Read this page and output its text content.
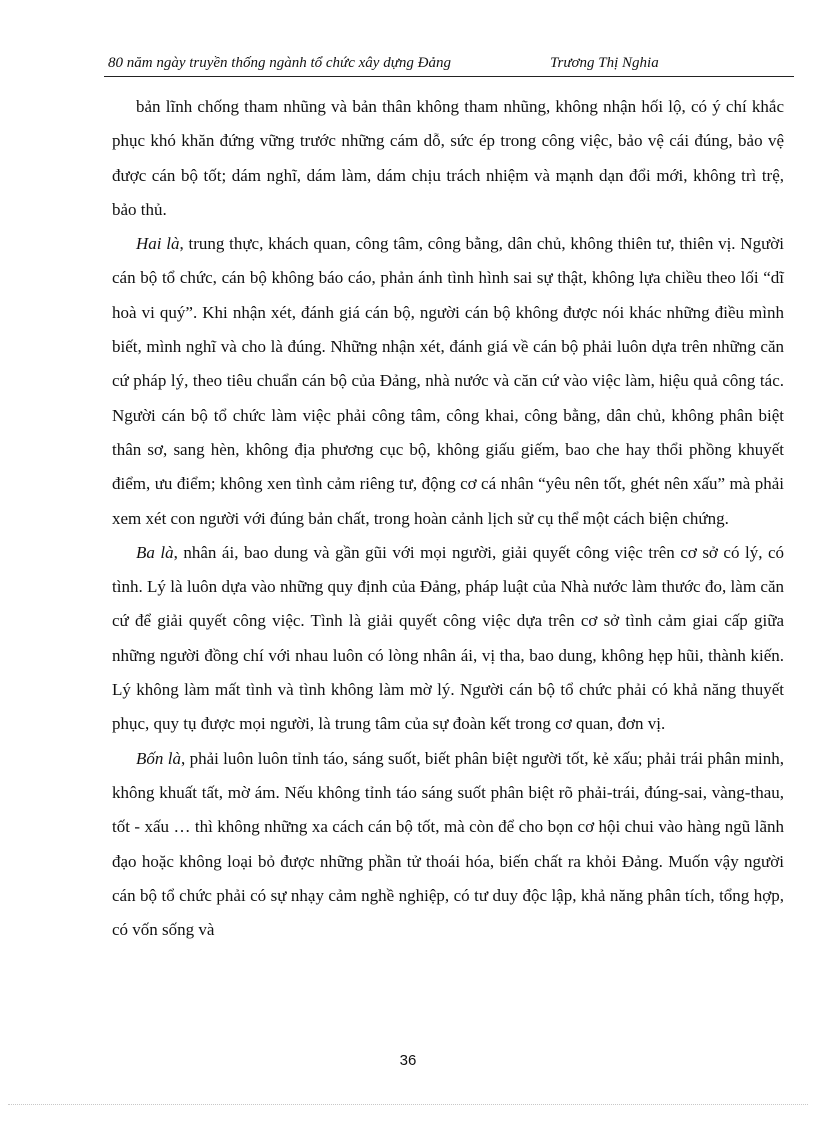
80 năm ngày truyền thống ngành tổ chức xây dựng Đảng	Trương Thị Nghia

bản lĩnh chống tham nhũng và bản thân không tham nhũng, không nhận hối lộ, có ý chí khắc phục khó khăn đứng vững trước những cám dỗ, sức ép trong công việc, bảo vệ cái đúng, bảo vệ được cán bộ tốt; dám nghĩ, dám làm, dám chịu trách nhiệm và mạnh dạn đổi mới, không trì trệ, bảo thủ.

Hai là, trung thực, khách quan, công tâm, công bằng, dân chủ, không thiên tư, thiên vị. Người cán bộ tổ chức, cán bộ không báo cáo, phản ánh tình hình sai sự thật, không lựa chiều theo lối “dĩ hoà vi quý”. Khi nhận xét, đánh giá cán bộ, người cán bộ không được nói khác những điều mình biết, mình nghĩ và cho là đúng. Những nhận xét, đánh giá về cán bộ phải luôn dựa trên những căn cứ pháp lý, theo tiêu chuẩn cán bộ của Đảng, nhà nước và căn cứ vào việc làm, hiệu quả công tác. Người cán bộ tổ chức làm việc phải công tâm, công khai, công bằng, dân chủ, không phân biệt thân sơ, sang hèn, không địa phương cục bộ, không giấu giếm, bao che hay thổi phồng khuyết điểm, ưu điểm; không xen tình cảm riêng tư, động cơ cá nhân “yêu nên tốt, ghét nên xấu” mà phải xem xét con người với đúng bản chất, trong hoàn cảnh lịch sử cụ thể một cách biện chứng.

Ba là, nhân ái, bao dung và gần gũi với mọi người, giải quyết công việc trên cơ sở có lý, có tình. Lý là luôn dựa vào những quy định của Đảng, pháp luật của Nhà nước làm thước đo, làm căn cứ để giải quyết công việc. Tình là giải quyết công việc dựa trên cơ sở tình cảm giai cấp giữa những người đồng chí với nhau luôn có lòng nhân ái, vị tha, bao dung, không hẹp hũi, thành kiến. Lý không làm mất tình và tình không làm mờ lý. Người cán bộ tổ chức phải có khả năng thuyết phục, quy tụ được mọi người, là trung tâm của sự đoàn kết trong cơ quan, đơn vị.

Bốn là, phải luôn luôn tỉnh táo, sáng suốt, biết phân biệt người tốt, kẻ xấu; phải trái phân minh, không khuất tất, mờ ám. Nếu không tỉnh táo sáng suốt phân biệt rõ phải-trái, đúng-sai, vàng-thau, tốt - xấu … thì không những xa cách cán bộ tốt, mà còn để cho bọn cơ hội chui vào hàng ngũ lãnh đạo hoặc không loại bỏ được những phần tử thoái hóa, biến chất ra khỏi Đảng. Muốn vậy người cán bộ tổ chức phải có sự nhạy cảm nghề nghiệp, có tư duy độc lập, khả năng phân tích, tổng hợp, có vốn sống và

36
